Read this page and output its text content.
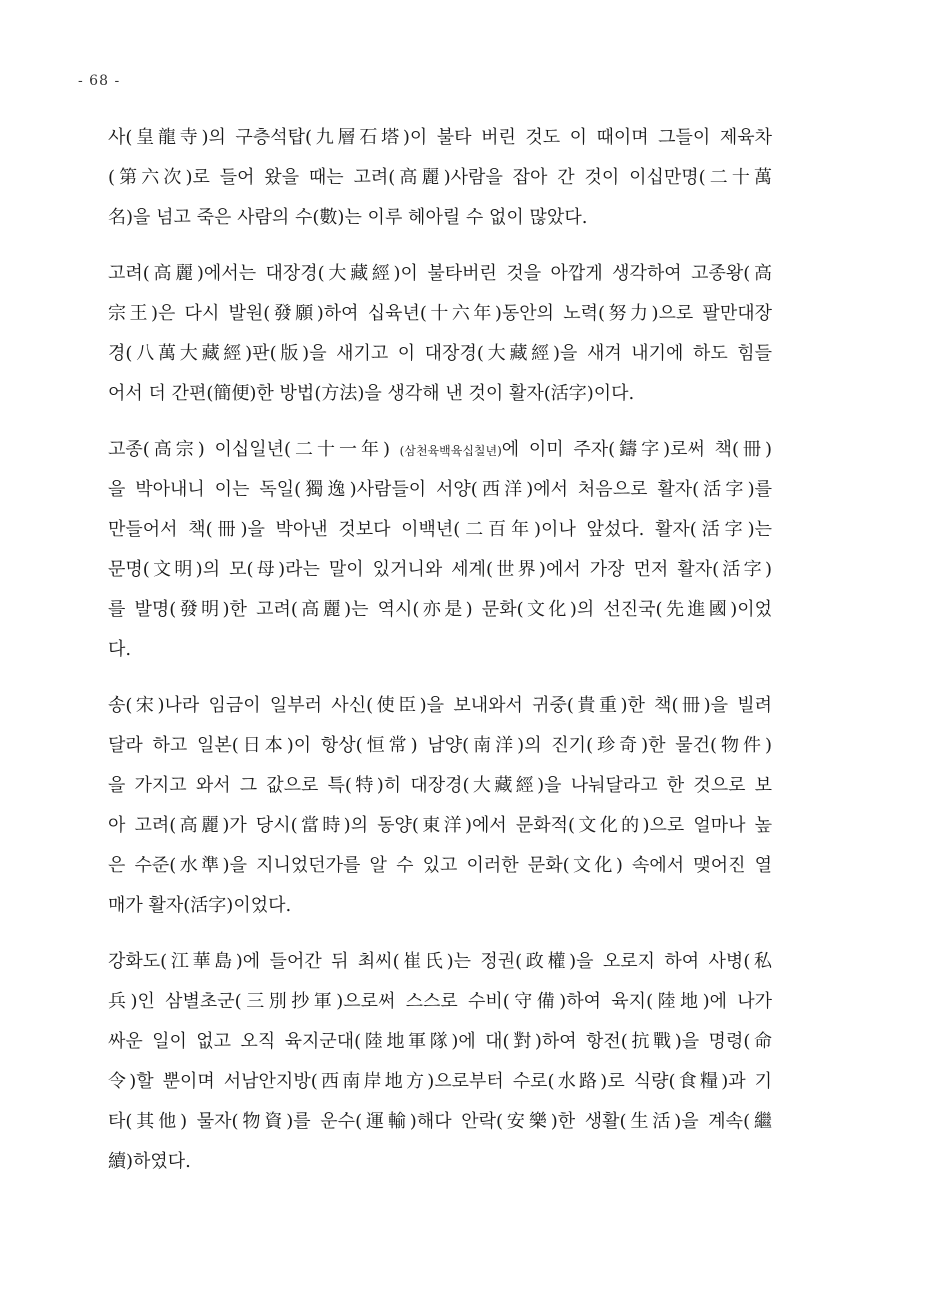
- 68 -
사(皇龍寺)의 구층석탑(九層石塔)이 불타 버린 것도 이 때이며 그들이 제육차
(第六次)로 들어 왔을 때는 고려(高麗)사람을 잡아 간 것이 이십만명(二十萬
名)을 넘고 죽은 사람의 수(數)는 이루 헤아릴 수 없이 많았다.
고려(高麗)에서는 대장경(大藏經)이 불타버린 것을 아깝게 생각하여 고종왕(高
宗王)은 다시 발원(發願)하여 십육년(十六年)동안의 노력(努力)으로 팔만대장
경(八萬大藏經)판(版)을 새기고 이 대장경(大藏經)을 새겨 내기에 하도 힘들
어서 더 간편(簡便)한 방법(方法)을 생각해 낸 것이 활자(活字)이다.
고종(高宗) 이십일년(二十一年) (삼천육백육십칠년)에 이미 주자(鑄字)로써 책(冊)
을 박아내니 이는 독일(獨逸)사람들이 서양(西洋)에서 처음으로 활자(活字)를
만들어서 책(冊)을 박아낸 것보다 이백년(二百年)이나 앞섰다. 활자(活字)는
문명(文明)의 모(母)라는 말이 있거니와 세계(世界)에서 가장 먼저 활자(活字)
를 발명(發明)한 고려(高麗)는 역시(亦是) 문화(文化)의 선진국(先進國)이었
다.
송(宋)나라 임금이 일부러 사신(使臣)을 보내와서 귀중(貴重)한 책(冊)을 빌려
달라 하고 일본(日本)이 항상(恒常) 남양(南洋)의 진기(珍奇)한 물건(物件)
을 가지고 와서 그 값으로 특(特)히 대장경(大藏經)을 나눠달라고 한 것으로 보
아 고려(高麗)가 당시(當時)의 동양(東洋)에서 문화적(文化的)으로 얼마나 높
은 수준(水準)을 지니었던가를 알 수 있고 이러한 문화(文化) 속에서 맺어진 열
매가 활자(活字)이었다.
강화도(江華島)에 들어간 뒤 최씨(崔氏)는 정권(政權)을 오로지 하여 사병(私
兵)인 삼별초군(三別抄軍)으로써 스스로 수비(守備)하여 육지(陸地)에 나가
싸운 일이 없고 오직 육지군대(陸地軍隊)에 대(對)하여 항전(抗戰)을 명령(命
令)할 뿐이며 서남안지방(西南岸地方)으로부터 수로(水路)로 식량(食糧)과 기
타(其他) 물자(物資)를 운수(運輸)해다 안락(安樂)한 생활(生活)을 계속(繼
續)하였다.
